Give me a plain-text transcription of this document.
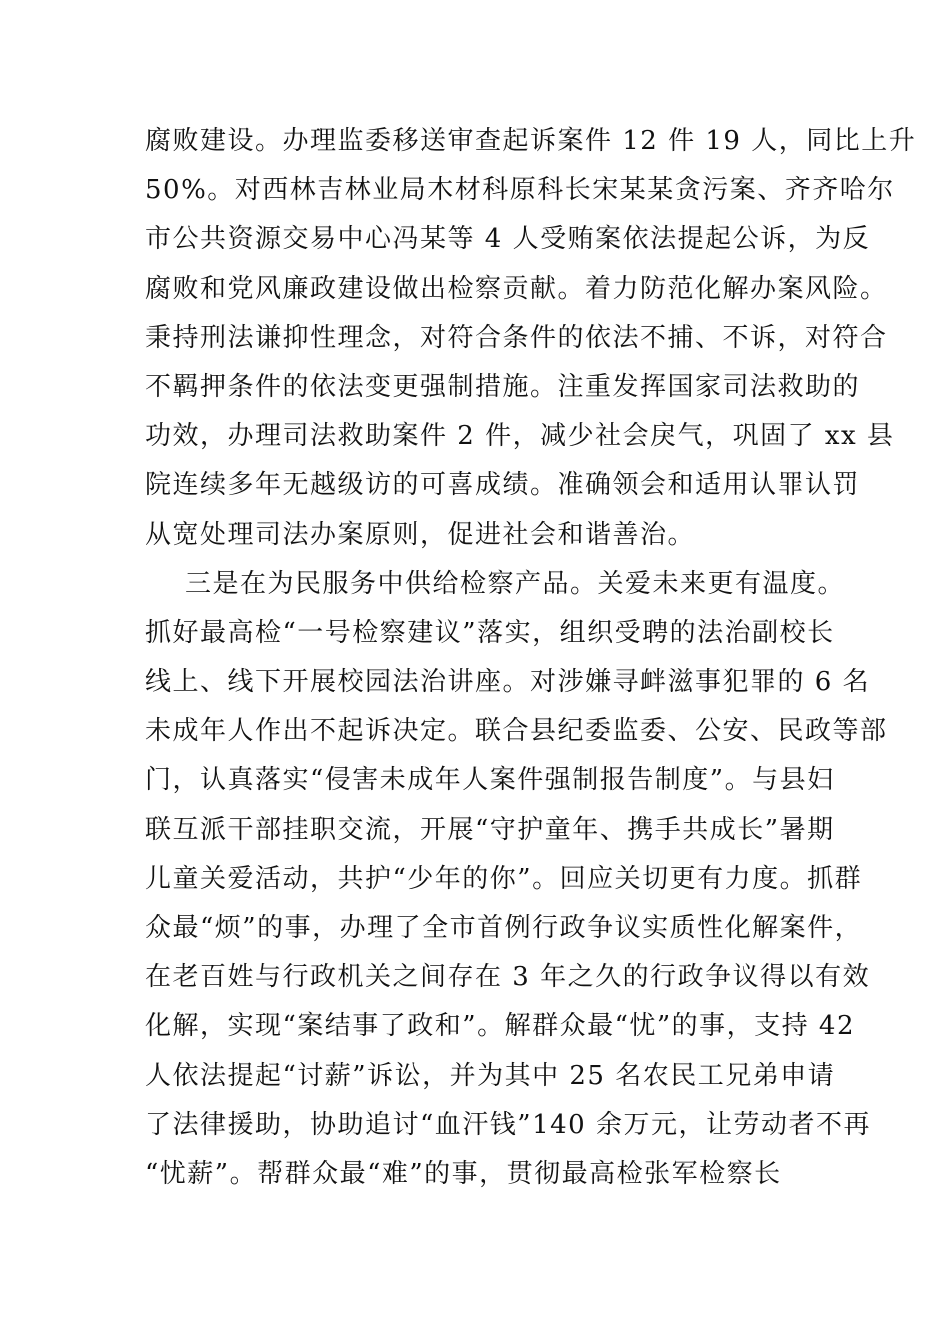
腐败建设。办理监委移送审查起诉案件 12 件 19 人，同比上升
50%。对西林吉林业局木材科原科长宋某某贪污案、齐齐哈尔
市公共资源交易中心冯某等 4 人受贿案依法提起公诉，为反
腐败和党风廉政建设做出检察贡献。着力防范化解办案风险。
秉持刑法谦抑性理念，对符合条件的依法不捕、不诉，对符合
不羁押条件的依法变更强制措施。注重发挥国家司法救助的
功效，办理司法救助案件 2 件，减少社会戾气，巩固了 xx 县
院连续多年无越级访的可喜成绩。准确领会和适用认罪认罚
从宽处理司法办案原则，促进社会和谐善治。
三是在为民服务中供给检察产品。关爱未来更有温度。
抓好最高检“一号检察建议”落实，组织受聘的法治副校长
线上、线下开展校园法治讲座。对涉嫌寻衅滋事犯罪的 6 名
未成年人作出不起诉决定。联合县纪委监委、公安、民政等部
门，认真落实“侵害未成年人案件强制报告制度”。与县妇
联互派干部挂职交流，开展“守护童年、携手共成长”暑期
儿童关爱活动，共护“少年的你”。回应关切更有力度。抓群
众最“烦”的事，办理了全市首例行政争议实质性化解案件，
在老百姓与行政机关之间存在 3 年之久的行政争议得以有效
化解，实现“案结事了政和”。解群众最“忧”的事，支持 42
人依法提起“讨薪”诉讼，并为其中 25 名农民工兄弟申请
了法律援助，协助追讨“血汗钱”140 余万元，让劳动者不再
“忧薪”。帮群众最“难”的事，贯彻最高检张军检察长
